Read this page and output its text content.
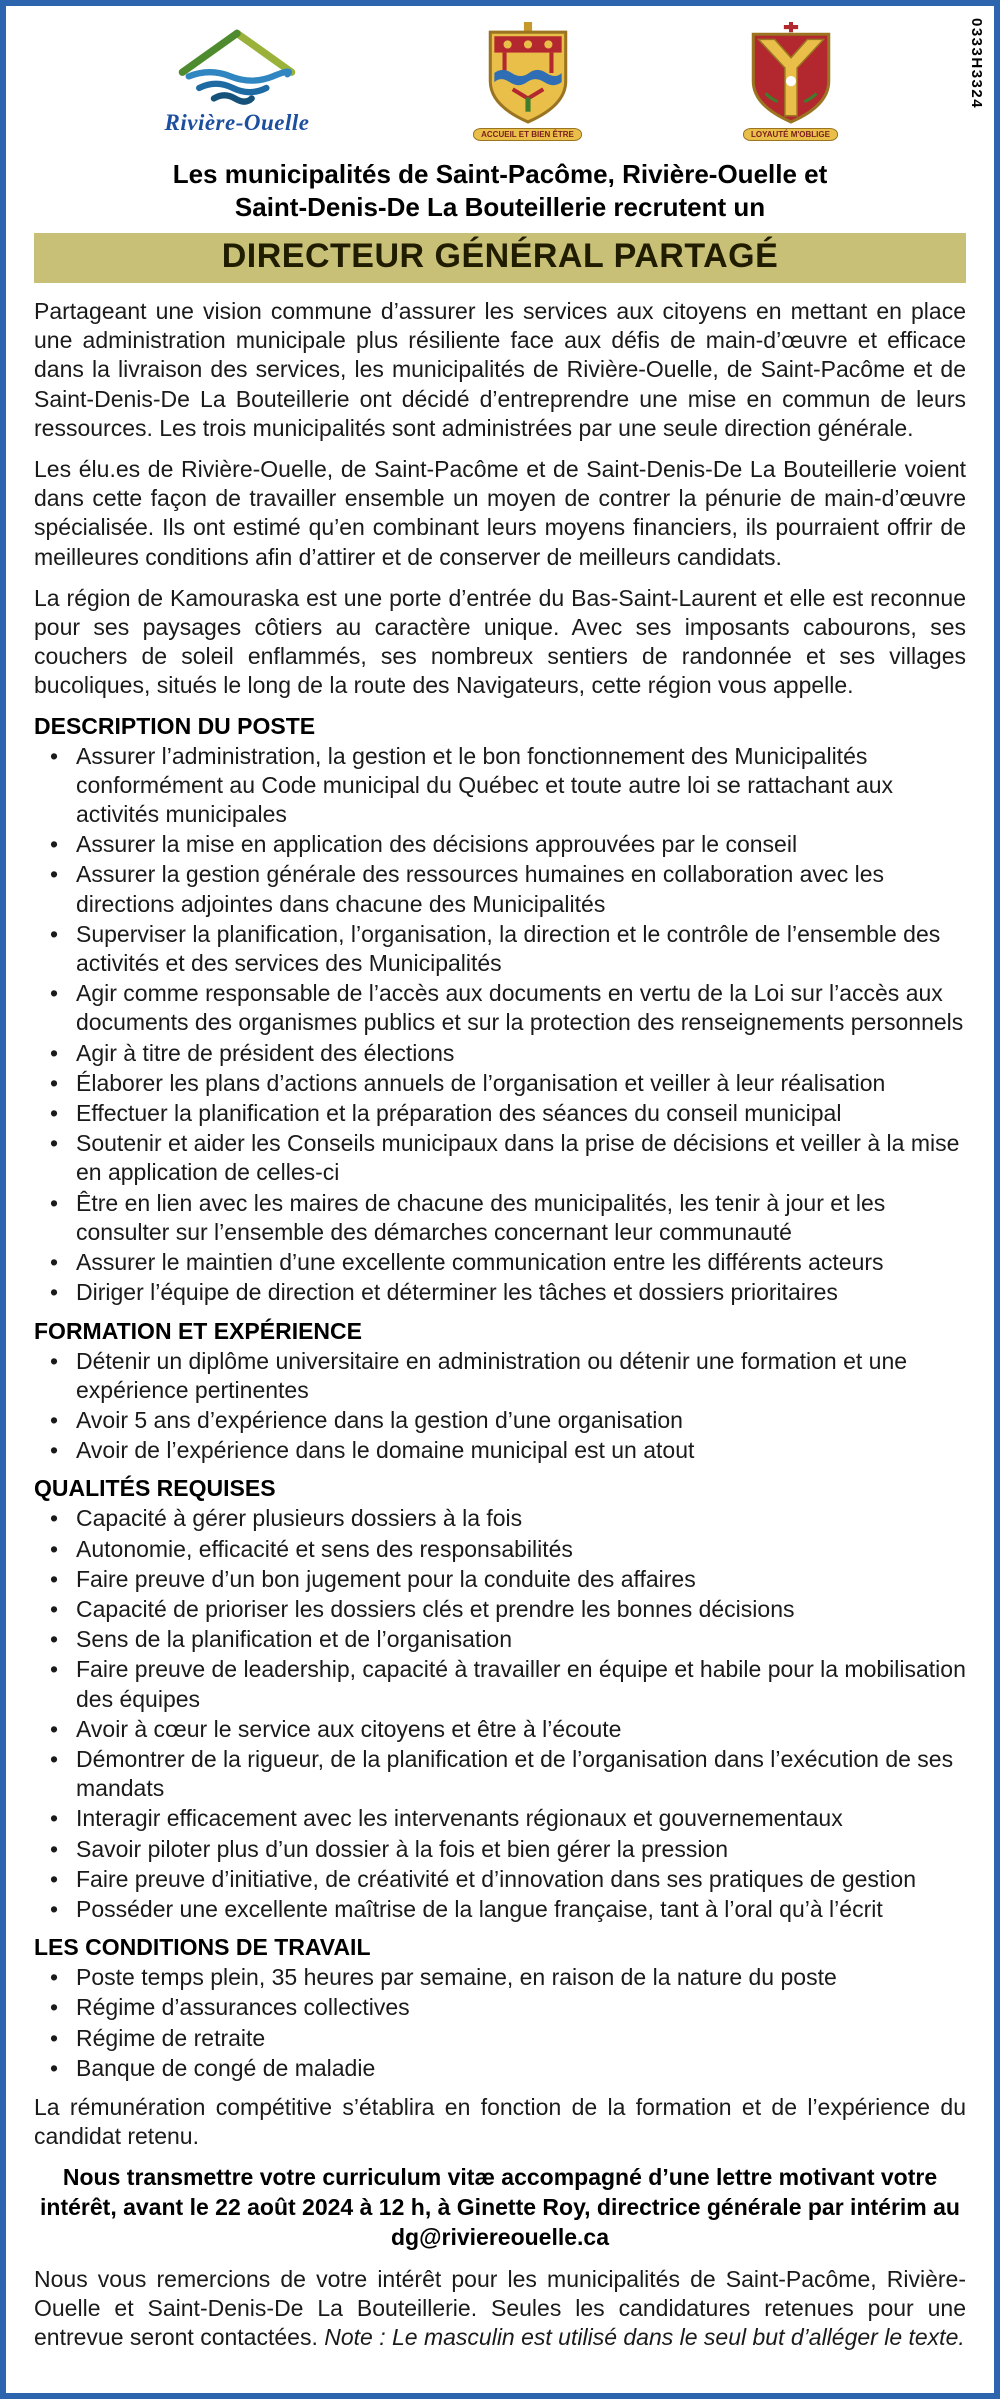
0333H3324
Rivière-Ouelle	ACCUEIL ET BIEN ÊTRE	LOYAUTÉ M'OBLIGE
Les municipalités de Saint-Pacôme, Rivière-Ouelle et
Saint-Denis-De La Bouteillerie recrutent un
DIRECTEUR GÉNÉRAL PARTAGÉ

Partageant une vision commune d’assurer les services aux citoyens en mettant en place une administration municipale plus résiliente face aux défis de main-d’œuvre et efficace dans la livraison des services, les municipalités de Rivière-Ouelle, de Saint-Pacôme et de Saint-Denis-De La Bouteillerie ont décidé d’entreprendre une mise en commun de leurs ressources. Les trois municipalités sont administrées par une seule direction générale.

Les élu.es de Rivière-Ouelle, de Saint-Pacôme et de Saint-Denis-De La Bouteillerie voient dans cette façon de travailler ensemble un moyen de contrer la pénurie de main-d’œuvre spécialisée. Ils ont estimé qu’en combinant leurs moyens financiers, ils pourraient offrir de meilleures conditions afin d’attirer et de conserver de meilleurs candidats.

La région de Kamouraska est une porte d’entrée du Bas-Saint-Laurent et elle est reconnue pour ses paysages côtiers au caractère unique. Avec ses imposants cabourons, ses couchers de soleil enflammés, ses nombreux sentiers de randonnée et ses villages bucoliques, situés le long de la route des Navigateurs, cette région vous appelle.

DESCRIPTION DU POSTE
• Assurer l’administration, la gestion et le bon fonctionnement des Municipalités conformément au Code municipal du Québec et toute autre loi se rattachant aux activités municipales
• Assurer la mise en application des décisions approuvées par le conseil
• Assurer la gestion générale des ressources humaines en collaboration avec les directions adjointes dans chacune des Municipalités
• Superviser la planification, l’organisation, la direction et le contrôle de l’ensemble des activités et des services des Municipalités
• Agir comme responsable de l’accès aux documents en vertu de la Loi sur l’accès aux documents des organismes publics et sur la protection des renseignements personnels
• Agir à titre de président des élections
• Élaborer les plans d’actions annuels de l’organisation et veiller à leur réalisation
• Effectuer la planification et la préparation des séances du conseil municipal
• Soutenir et aider les Conseils municipaux dans la prise de décisions et veiller à la mise en application de celles-ci
• Être en lien avec les maires de chacune des municipalités, les tenir à jour et les consulter sur l’ensemble des démarches concernant leur communauté
• Assurer le maintien d’une excellente communication entre les différents acteurs
• Diriger l’équipe de direction et déterminer les tâches et dossiers prioritaires
FORMATION ET EXPÉRIENCE
• Détenir un diplôme universitaire en administration ou détenir une formation et une expérience pertinentes
• Avoir 5 ans d’expérience dans la gestion d’une organisation
• Avoir de l’expérience dans le domaine municipal est un atout
QUALITÉS REQUISES
• Capacité à gérer plusieurs dossiers à la fois
• Autonomie, efficacité et sens des responsabilités
• Faire preuve d’un bon jugement pour la conduite des affaires
• Capacité de prioriser les dossiers clés et prendre les bonnes décisions
• Sens de la planification et de l’organisation
• Faire preuve de leadership, capacité à travailler en équipe et habile pour la mobilisation des équipes
• Avoir à cœur le service aux citoyens et être à l’écoute
• Démontrer de la rigueur, de la planification et de l’organisation dans l’exécution de ses mandats
• Interagir efficacement avec les intervenants régionaux et gouvernementaux
• Savoir piloter plus d’un dossier à la fois et bien gérer la pression
• Faire preuve d’initiative, de créativité et d’innovation dans ses pratiques de gestion
• Posséder une excellente maîtrise de la langue française, tant à l’oral qu’à l’écrit
LES CONDITIONS DE TRAVAIL
• Poste temps plein, 35 heures par semaine, en raison de la nature du poste
• Régime d’assurances collectives
• Régime de retraite
• Banque de congé de maladie

La rémunération compétitive s’établira en fonction de la formation et de l’expérience du candidat retenu.

Nous transmettre votre curriculum vitæ accompagné d’une lettre motivant votre intérêt, avant le 22 août 2024 à 12 h, à Ginette Roy, directrice générale par intérim au dg@riviereouelle.ca

Nous vous remercions de votre intérêt pour les municipalités de Saint-Pacôme, Rivière-Ouelle et Saint-Denis-De La Bouteillerie. Seules les candidatures retenues pour une entrevue seront contactées. Note : Le masculin est utilisé dans le seul but d’alléger le texte.
